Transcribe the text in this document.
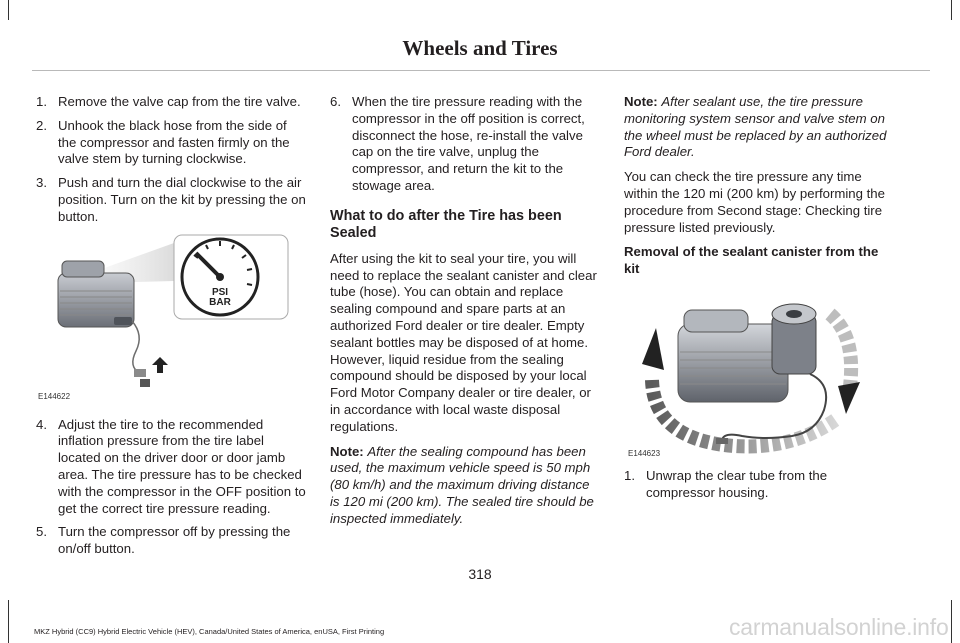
Wheels and Tires
1. Remove the valve cap from the tire valve.
2. Unhook the black hose from the side of the compressor and fasten firmly on the valve stem by turning clockwise.
3. Push and turn the dial clockwise to the air position. Turn on the kit by pressing the on button.
PSI
BAR
E144622
4. Adjust the tire to the recommended inflation pressure from the tire label located on the driver door or door jamb area. The tire pressure has to be checked with the compressor in the OFF position to get the correct tire pressure reading.
5. Turn the compressor off by pressing the on/off button.
6. When the tire pressure reading with the compressor in the off position is correct, disconnect the hose, re-install the valve cap on the tire valve, unplug the compressor, and return the kit to the stowage area.
What to do after the Tire has been Sealed
After using the kit to seal your tire, you will need to replace the sealant canister and clear tube (hose). You can obtain and replace sealing compound and spare parts at an authorized Ford dealer or tire dealer. Empty sealant bottles may be disposed of at home. However, liquid residue from the sealing compound should be disposed by your local Ford Motor Company dealer or tire dealer, or in accordance with local waste disposal regulations.
Note: After the sealing compound has been used, the maximum vehicle speed is 50 mph (80 km/h) and the maximum driving distance is 120 mi (200 km). The sealed tire should be inspected immediately.
Note: After sealant use, the tire pressure monitoring system sensor and valve stem on the wheel must be replaced by an authorized Ford dealer.
You can check the tire pressure any time within the 120 mi (200 km) by performing the procedure from Second stage: Checking tire pressure listed previously.
Removal of the sealant canister from the kit
E144623
1. Unwrap the clear tube from the compressor housing.
318
MKZ Hybrid (CC9) Hybrid Electric Vehicle (HEV), Canada/United States of America, enUSA, First Printing	carmanualsonline.info
